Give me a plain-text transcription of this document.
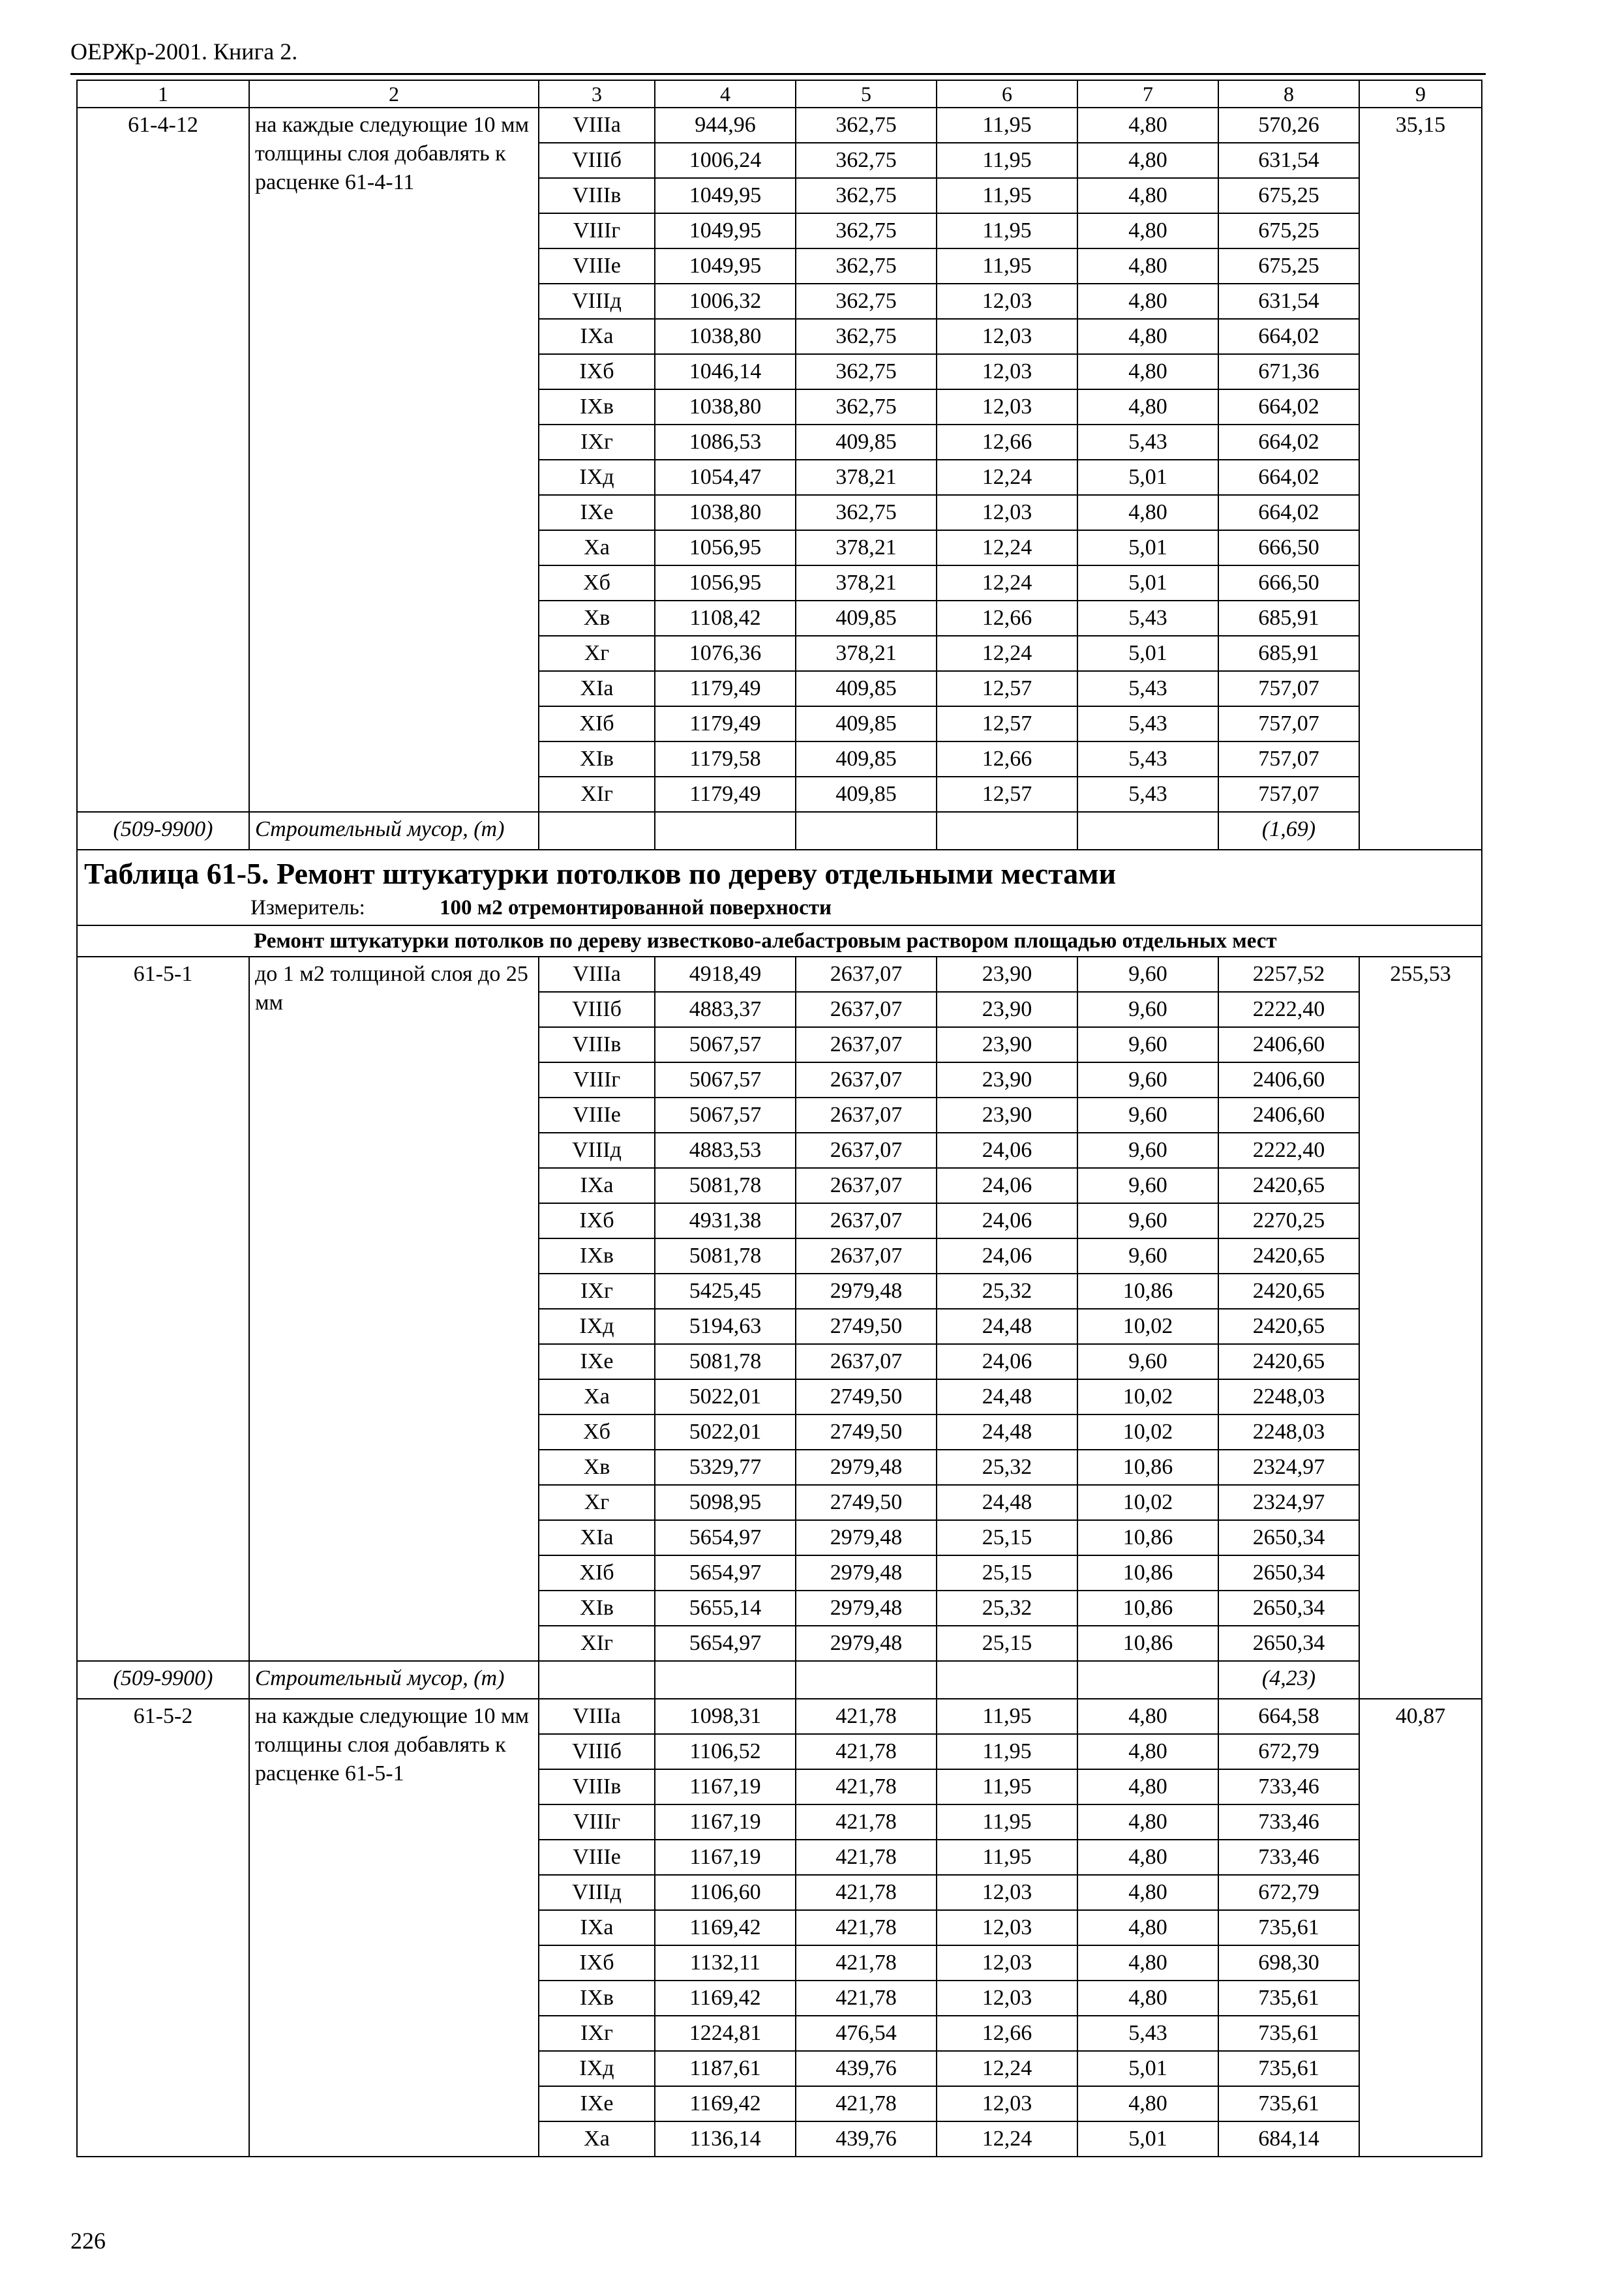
ОЕРЖр-2001. Книга 2.
1	2	3	4	5	6	7	8	9
61-4-12	на каждые следующие 10 мм толщины слоя добавлять к расценке 61-4-11	VIIIа	944,96	362,75	11,95	4,80	570,26	35,15
		VIIIб	1006,24	362,75	11,95	4,80	631,54	
		VIIIв	1049,95	362,75	11,95	4,80	675,25	
		VIIIг	1049,95	362,75	11,95	4,80	675,25	
		VIIIе	1049,95	362,75	11,95	4,80	675,25	
		VIIIд	1006,32	362,75	12,03	4,80	631,54	
		IXа	1038,80	362,75	12,03	4,80	664,02	
		IXб	1046,14	362,75	12,03	4,80	671,36	
		IXв	1038,80	362,75	12,03	4,80	664,02	
		IXг	1086,53	409,85	12,66	5,43	664,02	
		IXд	1054,47	378,21	12,24	5,01	664,02	
		IXе	1038,80	362,75	12,03	4,80	664,02	
		Xа	1056,95	378,21	12,24	5,01	666,50	
		Xб	1056,95	378,21	12,24	5,01	666,50	
		Xв	1108,42	409,85	12,66	5,43	685,91	
		Xг	1076,36	378,21	12,24	5,01	685,91	
		XIа	1179,49	409,85	12,57	5,43	757,07	
		XIб	1179,49	409,85	12,57	5,43	757,07	
		XIв	1179,58	409,85	12,66	5,43	757,07	
		XIг	1179,49	409,85	12,57	5,43	757,07	
(509-9900)	Строительный мусор, (т)						(1,69)	

Таблица 61-5. Ремонт штукатурки потолков по дереву отдельными местами
Измеритель: 100 м2 отремонтированной поверхности								

Ремонт штукатурки потолков по дереву известково-алебастровым раствором площадью отдельных мест								
61-5-1	до 1 м2 толщиной слоя до 25 мм	VIIIа	4918,49	2637,07	23,90	9,60	2257,52	255,53
		VIIIб	4883,37	2637,07	23,90	9,60	2222,40	
		VIIIв	5067,57	2637,07	23,90	9,60	2406,60	
		VIIIг	5067,57	2637,07	23,90	9,60	2406,60	
		VIIIе	5067,57	2637,07	23,90	9,60	2406,60	
		VIIIд	4883,53	2637,07	24,06	9,60	2222,40	
		IXа	5081,78	2637,07	24,06	9,60	2420,65	
		IXб	4931,38	2637,07	24,06	9,60	2270,25	
		IXв	5081,78	2637,07	24,06	9,60	2420,65	
		IXг	5425,45	2979,48	25,32	10,86	2420,65	
		IXд	5194,63	2749,50	24,48	10,02	2420,65	
		IXе	5081,78	2637,07	24,06	9,60	2420,65	
		Xа	5022,01	2749,50	24,48	10,02	2248,03	
		Xб	5022,01	2749,50	24,48	10,02	2248,03	
		Xв	5329,77	2979,48	25,32	10,86	2324,97	
		Xг	5098,95	2749,50	24,48	10,02	2324,97	
		XIа	5654,97	2979,48	25,15	10,86	2650,34	
		XIб	5654,97	2979,48	25,15	10,86	2650,34	
		XIв	5655,14	2979,48	25,32	10,86	2650,34	
		XIг	5654,97	2979,48	25,15	10,86	2650,34	
(509-9900)	Строительный мусор, (т)						(4,23)	
61-5-2	на каждые следующие 10 мм толщины слоя добавлять к расценке 61-5-1	VIIIа	1098,31	421,78	11,95	4,80	664,58	40,87
		VIIIб	1106,52	421,78	11,95	4,80	672,79	
		VIIIв	1167,19	421,78	11,95	4,80	733,46	
		VIIIг	1167,19	421,78	11,95	4,80	733,46	
		VIIIе	1167,19	421,78	11,95	4,80	733,46	
		VIIIд	1106,60	421,78	12,03	4,80	672,79	
		IXа	1169,42	421,78	12,03	4,80	735,61	
		IXб	1132,11	421,78	12,03	4,80	698,30	
		IXв	1169,42	421,78	12,03	4,80	735,61	
		IXг	1224,81	476,54	12,66	5,43	735,61	
		IXд	1187,61	439,76	12,24	5,01	735,61	
		IXе	1169,42	421,78	12,03	4,80	735,61	
		Xа	1136,14	439,76	12,24	5,01	684,14	
226
